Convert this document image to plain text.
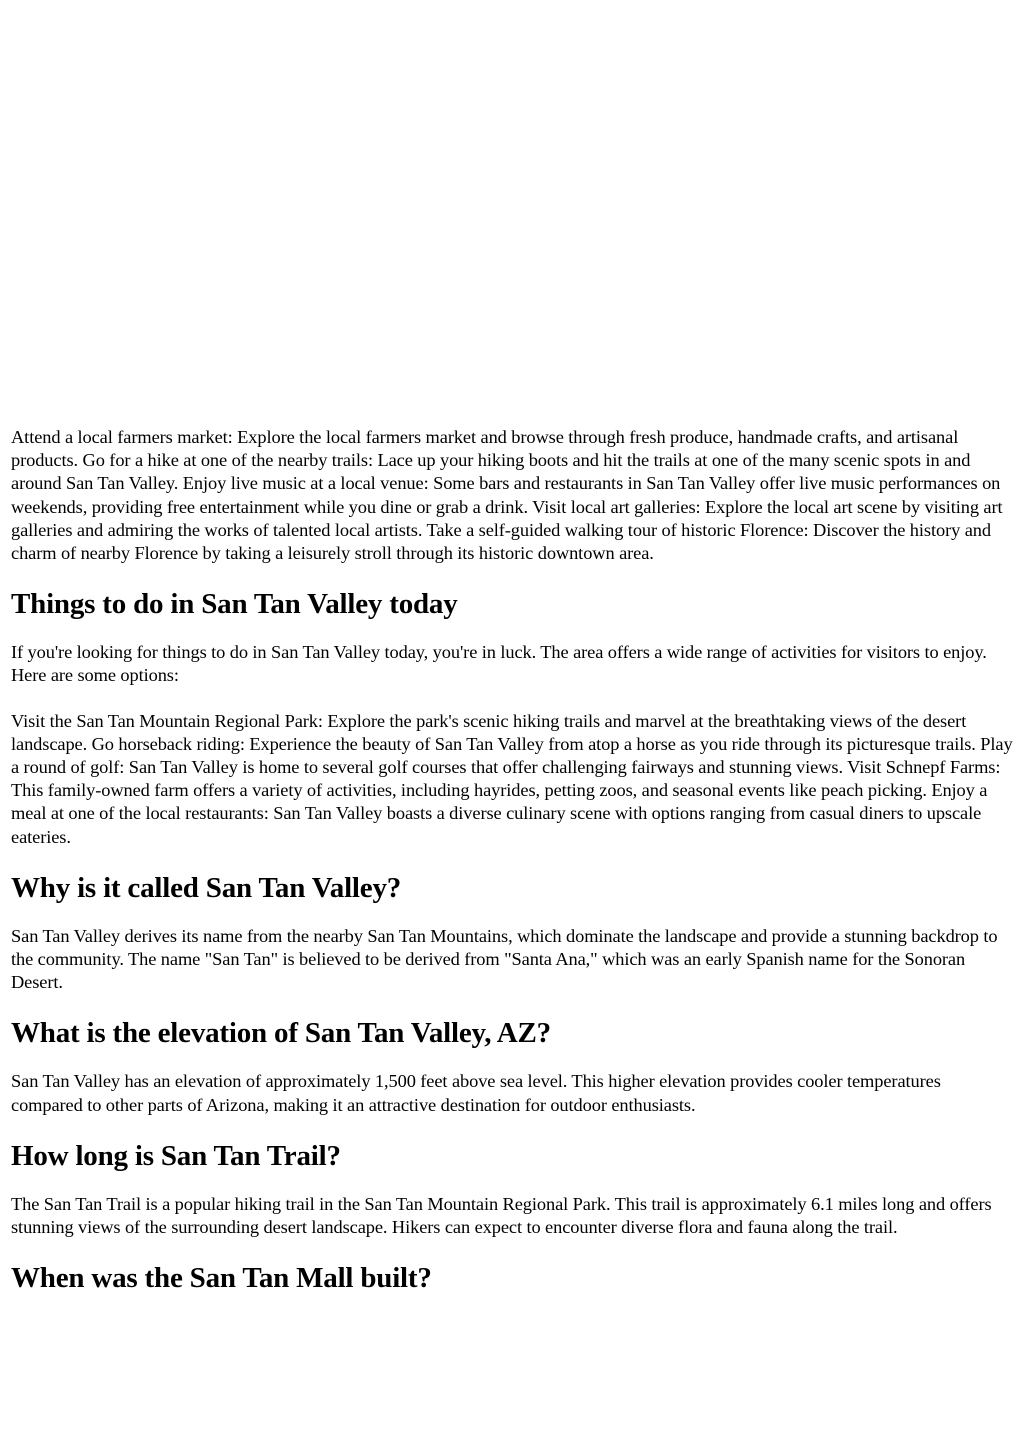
Attend a local farmers market: Explore the local farmers market and browse through fresh produce, handmade crafts, and artisanal products. Go for a hike at one of the nearby trails: Lace up your hiking boots and hit the trails at one of the many scenic spots in and around San Tan Valley. Enjoy live music at a local venue: Some bars and restaurants in San Tan Valley offer live music performances on weekends, providing free entertainment while you dine or grab a drink. Visit local art galleries: Explore the local art scene by visiting art galleries and admiring the works of talented local artists. Take a self-guided walking tour of historic Florence: Discover the history and charm of nearby Florence by taking a leisurely stroll through its historic downtown area.

Things to do in San Tan Valley today

If you're looking for things to do in San Tan Valley today, you're in luck. The area offers a wide range of activities for visitors to enjoy. Here are some options:

Visit the San Tan Mountain Regional Park: Explore the park's scenic hiking trails and marvel at the breathtaking views of the desert landscape. Go horseback riding: Experience the beauty of San Tan Valley from atop a horse as you ride through its picturesque trails. Play a round of golf: San Tan Valley is home to several golf courses that offer challenging fairways and stunning views. Visit Schnepf Farms: This family-owned farm offers a variety of activities, including hayrides, petting zoos, and seasonal events like peach picking. Enjoy a meal at one of the local restaurants: San Tan Valley boasts a diverse culinary scene with options ranging from casual diners to upscale eateries.

Why is it called San Tan Valley?

San Tan Valley derives its name from the nearby San Tan Mountains, which dominate the landscape and provide a stunning backdrop to the community. The name "San Tan" is believed to be derived from "Santa Ana," which was an early Spanish name for the Sonoran Desert.

What is the elevation of San Tan Valley, AZ?

San Tan Valley has an elevation of approximately 1,500 feet above sea level. This higher elevation provides cooler temperatures compared to other parts of Arizona, making it an attractive destination for outdoor enthusiasts.

How long is San Tan Trail?

The San Tan Trail is a popular hiking trail in the San Tan Mountain Regional Park. This trail is approximately 6.1 miles long and offers stunning views of the surrounding desert landscape. Hikers can expect to encounter diverse flora and fauna along the trail.

When was the San Tan Mall built?
